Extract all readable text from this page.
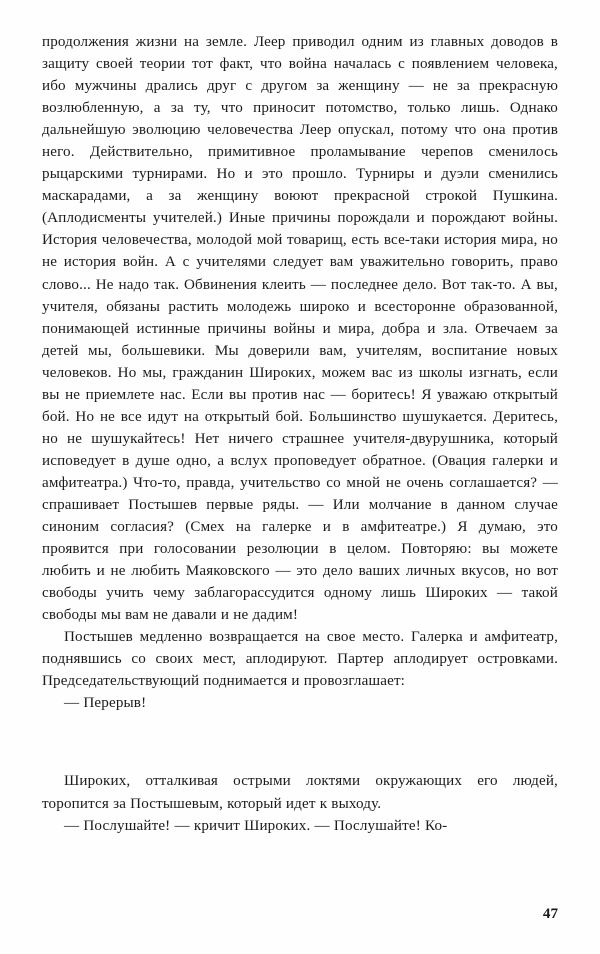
продолжения жизни на земле. Леер приводил одним из главных доводов в защиту своей теории тот факт, что война началась с появлением человека, ибо мужчины дрались друг с другом за женщину — не за прекрасную возлюбленную, а за ту, что приносит потомство, только лишь. Однако дальнейшую эволюцию человечества Леер опускал, потому что она против него. Действительно, примитивное проламывание черепов сменилось рыцарскими турнирами. Но и это прошло. Турниры и дуэли сменились маскарадами, а за женщину воюют прекрасной строкой Пушкина. (Аплодисменты учителей.) Иные причины порождали и порождают войны. История человечества, молодой мой товарищ, есть все-таки история мира, но не история войн. А с учителями следует вам уважительно говорить, право слово... Не надо так. Обвинения клеить — последнее дело. Вот так-то. А вы, учителя, обязаны растить молодежь широко и всесторонне образованной, понимающей истинные причины войны и мира, добра и зла. Отвечаем за детей мы, большевики. Мы доверили вам, учителям, воспитание новых человеков. Но мы, гражданин Широких, можем вас из школы изгнать, если вы не приемлете нас. Если вы против нас — боритесь! Я уважаю открытый бой. Но не все идут на открытый бой. Большинство шушукается. Деритесь, но не шушукайтесь! Нет ничего страшнее учителя-двурушника, который исповедует в душе одно, а вслух проповедует обратное. (Овация галерки и амфитеатра.) Что-то, правда, учительство со мной не очень соглашается? — спрашивает Постышев первые ряды. — Или молчание в данном случае синоним согласия? (Смех на галерке и в амфитеатре.) Я думаю, это проявится при голосовании резолюции в целом. Повторяю: вы можете любить и не любить Маяковского — это дело ваших личных вкусов, но вот свободы учить чему заблагорассудится одному лишь Широких — такой свободы мы вам не давали и не дадим!

Постышев медленно возвращается на свое место. Галерка и амфитеатр, поднявшись со своих мест, аплодируют. Партер аплодирует островками. Председательствующий поднимается и провозглашает:

— Перерыв!

Широких, отталкивая острыми локтями окружающих его людей, торопится за Постышевым, который идет к выходу.

— Послушайте! — кричит Широких. — Послушайте! Ко-

47
